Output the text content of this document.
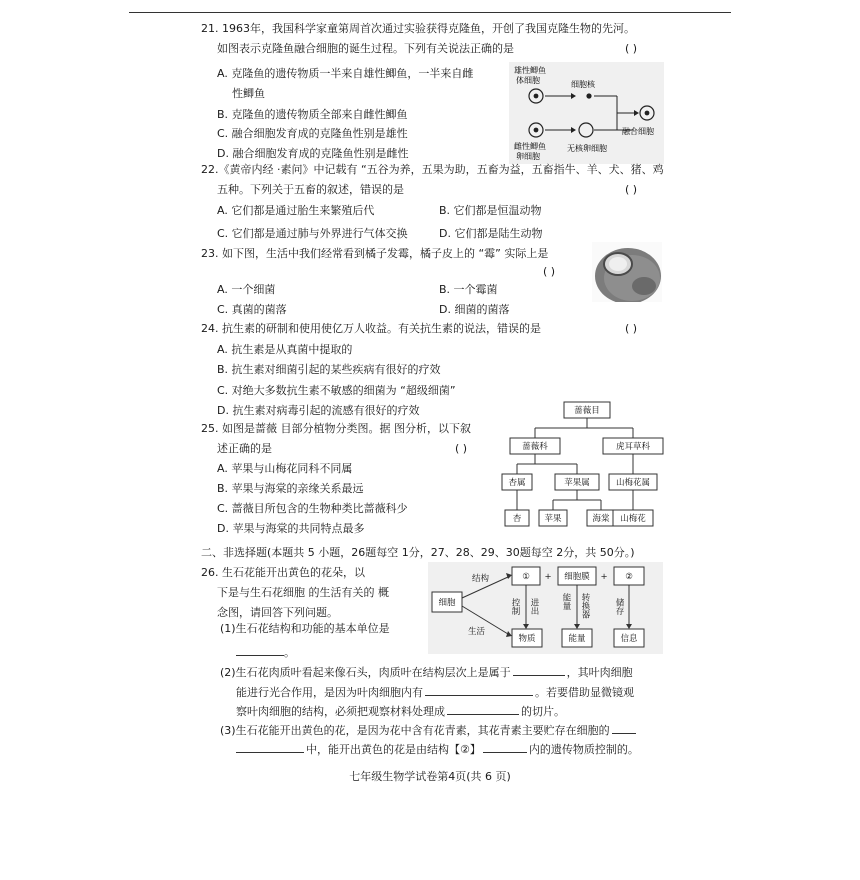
21. 1963年，我国科学家童第周首次通过实验获得克隆鱼，开创了我国克隆生物的先河。
如图表示克隆鱼融合细胞的诞生过程。下列有关说法正确的是	( )
A. 克隆鱼的遗传物质一半来自雄性鲫鱼，一半来自雌
性鲫鱼
B. 克隆鱼的遗传物质全部来自雌性鲫鱼
C. 融合细胞发育成的克隆鱼性别是雄性
D. 融合细胞发育成的克隆鱼性别是雌性
雄性鲫鱼
体细胞	细胞核
融合细胞
雌性鲫鱼
卵细胞
无核卵细胞
22.《黄帝内经 ·素问》中记载有 “五谷为养，五果为助，五畜为益，五畜指牛、羊、犬、猪、鸡
五种。下列关于五畜的叙述，错误的是	( )
A. 它们都是通过胎生来繁殖后代	B. 它们都是恒温动物
C. 它们都是通过肺与外界进行气体交换	D. 它们都是陆生动物
23. 如下图，生活中我们经常看到橘子发霉，橘子皮上的 “霉” 实际上是
( )
A. 一个细菌	B. 一个霉菌
C. 真菌的菌落	D. 细菌的菌落
24. 抗生素的研制和使用使亿万人收益。有关抗生素的说法，错误的是	( )
A. 抗生素是从真菌中提取的
B. 抗生素对细菌引起的某些疾病有很好的疗效
C. 对绝大多数抗生素不敏感的细菌为 “超级细菌”
D. 抗生素对病毒引起的流感有很好的疗效
25. 如图是蔷薇 目部分植物分类图。据 图分析，以下叙
述正确的是	( )
A. 苹果与山梅花同科不同属
B. 苹果与海棠的亲缘关系最远
C. 蔷薇目所包含的生物种类比蔷薇科少
D. 苹果与海棠的共同特点最多
蔷薇目
蔷薇科	虎耳草科
杏属	苹果属	山梅花属
杏	苹果	海棠 山梅花
二、非选择题(本题共 5 小题，26题每空 1分，27、28、29、30题每空 2分，共 50分。)
26. 生石花能开出黄色的花朵，以
下是与生石花细胞 的生活有关的 概
念图，请回答下列问题。
(1)生石花结构和功能的基本单位是
。
细胞
结构
生活
① + 细胞膜 + ②
控制 进出	能量 转换器	储存
物质	能量	信息
(2)生石花肉质叶看起来像石头，肉质叶在结构层次上是属于	，其叶肉细胞
能进行光合作用，是因为叶肉细胞内有	。若要借助显微镜观
察叶肉细胞的结构，必须把观察材料处理成	的切片。
(3)生石花能开出黄色的花，是因为花中含有花青素，其花青素主要贮存在细胞的
中，能开出黄色的花是由结构【②】	内的遗传物质控制的。
七年级生物学试卷第4页(共 6 页)
